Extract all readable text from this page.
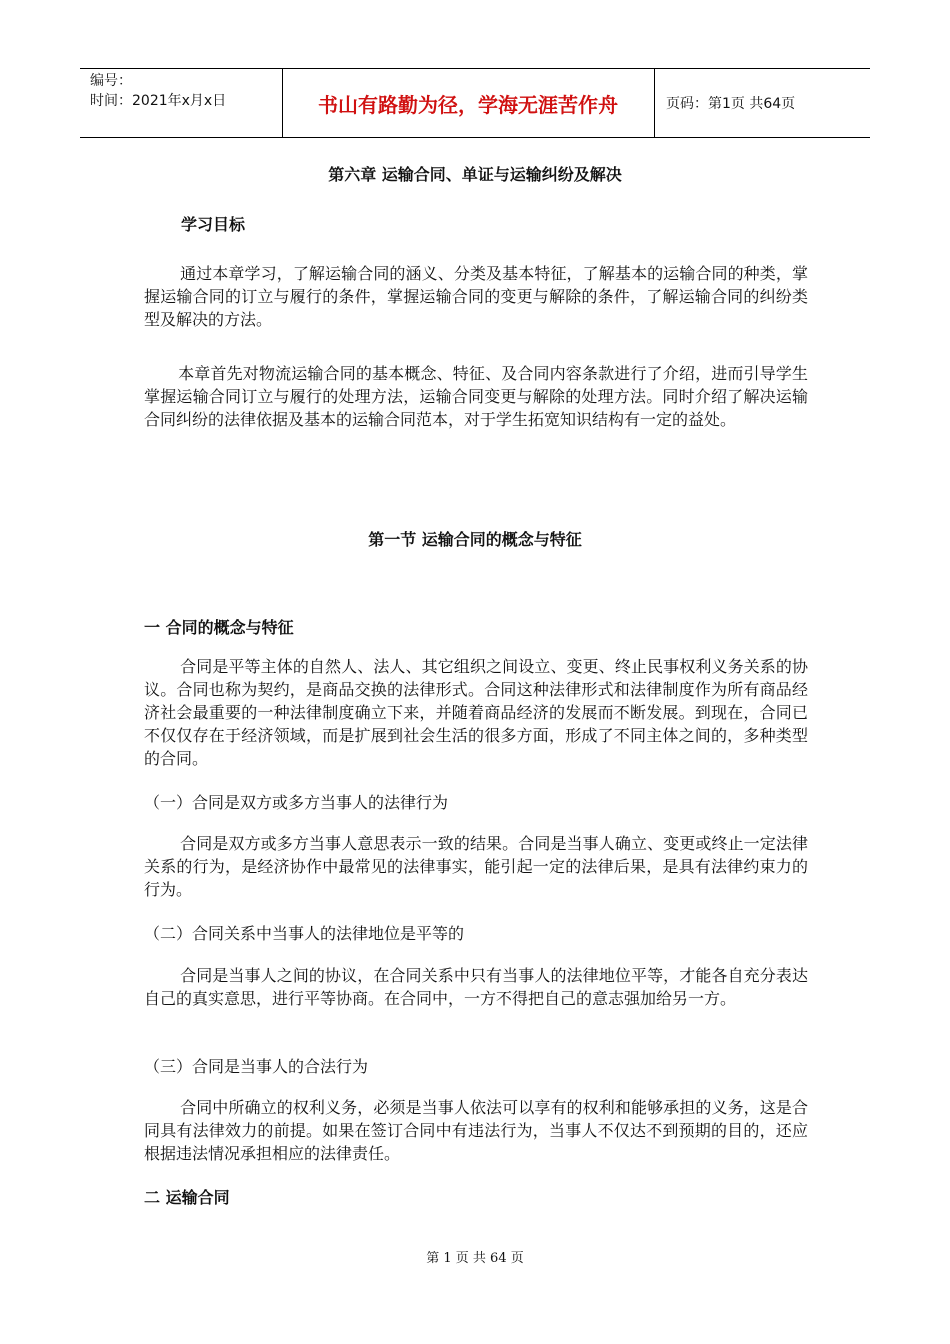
编号：
时间：2021年x月x日	书山有路勤为径，学海无涯苦作舟	页码：第1页 共64页
第六章 运输合同、单证与运输纠纷及解决
学习目标
通过本章学习，了解运输合同的涵义、分类及基本特征，了解基本的运输合同的种类，掌握运输合同的订立与履行的条件，掌握运输合同的变更与解除的条件，了解运输合同的纠纷类型及解决的方法。
本章首先对物流运输合同的基本概念、特征、及合同内容条款进行了介绍，进而引导学生掌握运输合同订立与履行的处理方法，运输合同变更与解除的处理方法。同时介绍了解决运输合同纠纷的法律依据及基本的运输合同范本，对于学生拓宽知识结构有一定的益处。
第一节 运输合同的概念与特征
一 合同的概念与特征
合同是平等主体的自然人、法人、其它组织之间设立、变更、终止民事权利义务关系的协议。合同也称为契约，是商品交换的法律形式。合同这种法律形式和法律制度作为所有商品经济社会最重要的一种法律制度确立下来，并随着商品经济的发展而不断发展。到现在，合同已不仅仅存在于经济领域，而是扩展到社会生活的很多方面，形成了不同主体之间的，多种类型的合同。
（一）合同是双方或多方当事人的法律行为
合同是双方或多方当事人意思表示一致的结果。合同是当事人确立、变更或终止一定法律关系的行为，是经济协作中最常见的法律事实，能引起一定的法律后果，是具有法律约束力的行为。
（二）合同关系中当事人的法律地位是平等的
合同是当事人之间的协议，在合同关系中只有当事人的法律地位平等，才能各自充分表达自己的真实意思，进行平等协商。在合同中，一方不得把自己的意志强加给另一方。
（三）合同是当事人的合法行为
合同中所确立的权利义务，必须是当事人依法可以享有的权利和能够承担的义务，这是合同具有法律效力的前提。如果在签订合同中有违法行为，当事人不仅达不到预期的目的，还应根据违法情况承担相应的法律责任。
二 运输合同
第 1 页 共 64 页
